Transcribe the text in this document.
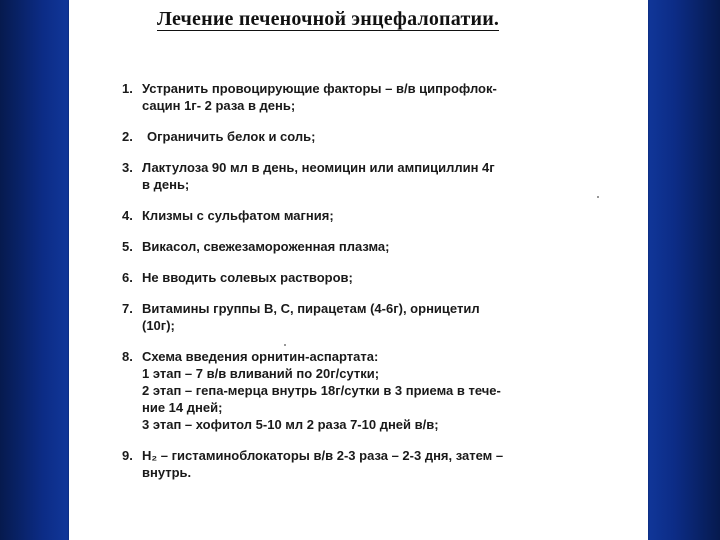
Лечение печеночной энцефалопатии.
1. Устранить провоцирующие факторы – в/в ципрофлок-
сацин 1г- 2 раза в день;
2.	Ограничить белок и соль;
3. Лактулоза 90 мл в день, неомицин или ампициллин 4г
в день;
4. Клизмы с сульфатом магния;
5. Викасол, свежезамороженная плазма;
6. Не вводить солевых растворов;
7. Витамины группы В, С, пирацетам (4-6г), орницетил
(10г);
8. Схема введения орнитин-аспартата:
1 этап – 7 в/в вливаний по 20г/сутки;
2 этап – гепа-мерца внутрь 18г/сутки в 3 приема в тече-
ние 14 дней;
3 этап – хофитол 5-10 мл 2 раза 7-10 дней в/в;
9. H₂ – гистаминоблокаторы в/в 2-3 раза – 2-3 дня, затем –
внутрь.
